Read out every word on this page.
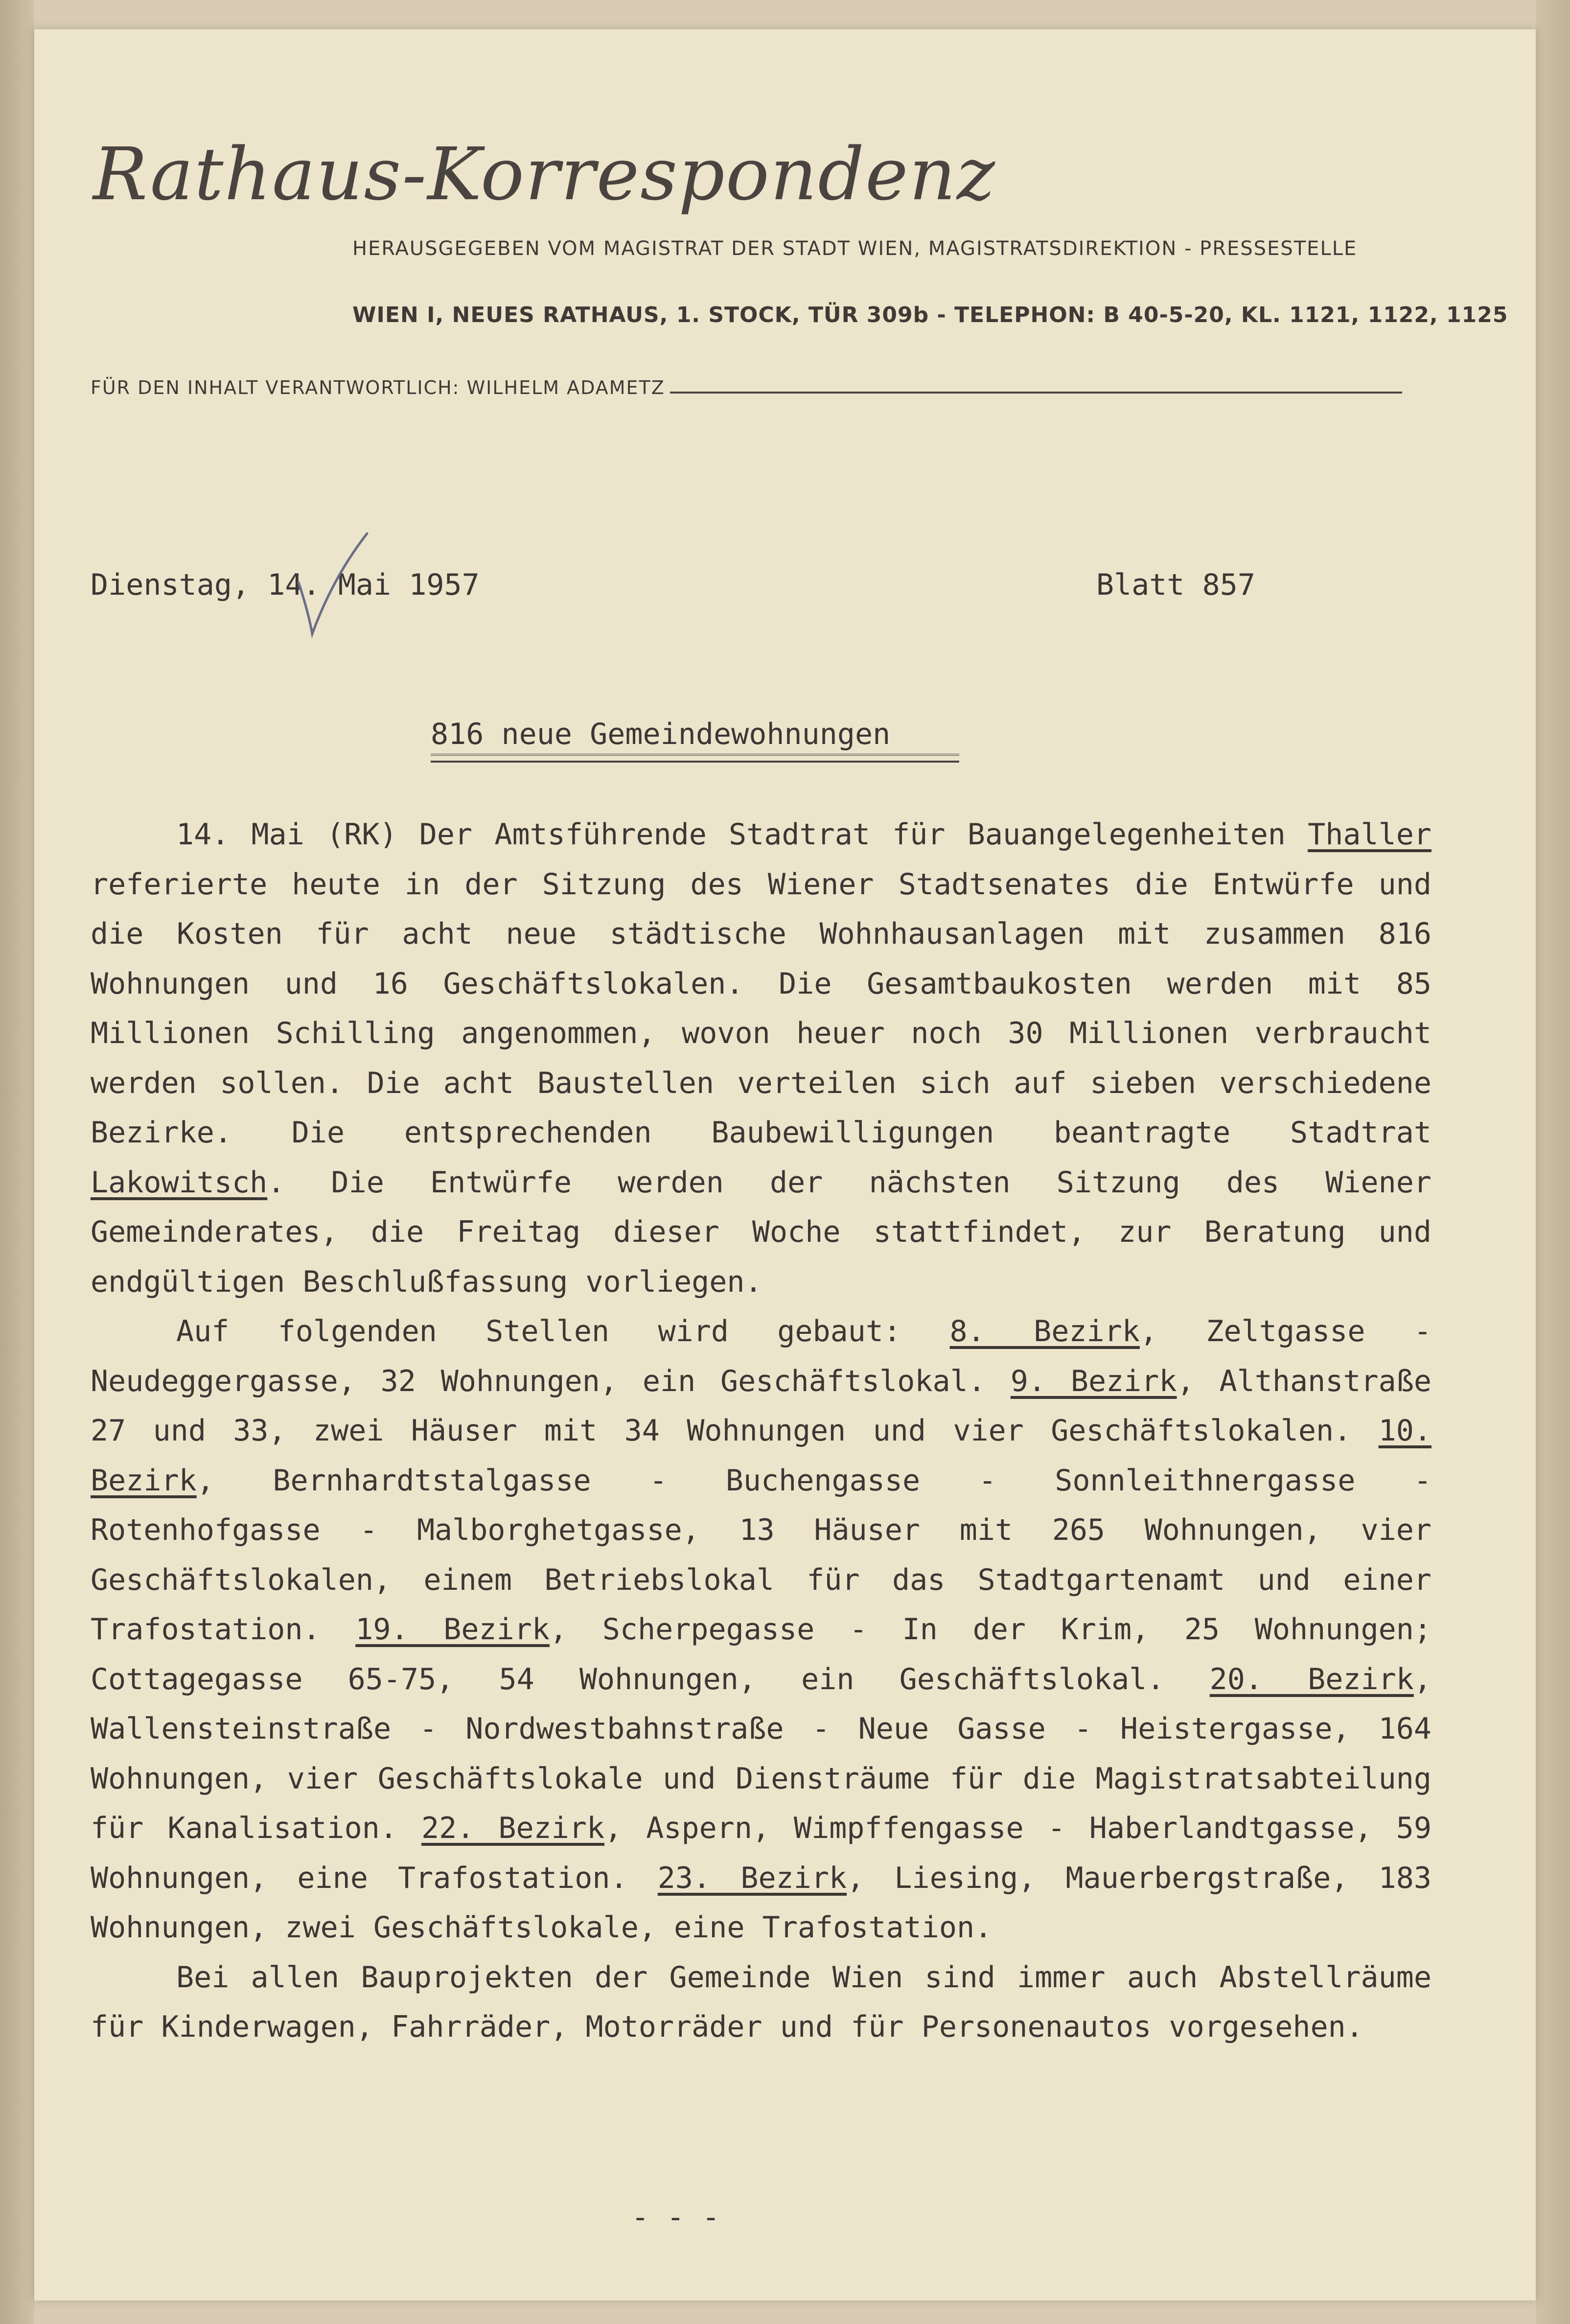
Rathaus-Korrespondenz
HERAUSGEGEBEN VOM MAGISTRAT DER STADT WIEN, MAGISTRATSDIREKTION - PRESSESTELLE
WIEN I, NEUES RATHAUS, 1. STOCK, TÜR 309b - TELEPHON: B 40-5-20, KL. 1121, 1122, 1125
FÜR DEN INHALT VERANTWORTLICH: WILHELM ADAMETZ
Dienstag, 14. Mai 1957	Blatt 857
816 neue Gemeindewohnungen

14. Mai (RK) Der Amtsführende Stadtrat für Bauangelegenheiten Thaller referierte heute in der Sitzung des Wiener Stadtsenates die Entwürfe und die Kosten für acht neue städtische Wohnhausanlagen mit zusammen 816 Wohnungen und 16 Geschäftslokalen. Die Gesamtbaukosten werden mit 85 Millionen Schilling angenommen, wovon heuer noch 30 Millionen verbraucht werden sollen. Die acht Baustellen verteilen sich auf sieben verschiedene Bezirke. Die entsprechenden Baubewilligungen beantragte Stadtrat Lakowitsch. Die Entwürfe werden der nächsten Sitzung des Wiener Gemeinderates, die Freitag dieser Woche stattfindet, zur Beratung und endgültigen Beschlußfassung vorliegen.

Auf folgenden Stellen wird gebaut: 8. Bezirk, Zeltgasse - Neudeggergasse, 32 Wohnungen, ein Geschäftslokal. 9. Bezirk, Althanstraße 27 und 33, zwei Häuser mit 34 Wohnungen und vier Geschäftslokalen. 10. Bezirk, Bernhardtstalgasse - Buchengasse - Sonnleithnergasse - Rotenhofgasse - Malborghetgasse, 13 Häuser mit 265 Wohnungen, vier Geschäftslokalen, einem Betriebslokal für das Stadtgartenamt und einer Trafostation. 19. Bezirk, Scherpegasse - In der Krim, 25 Wohnungen; Cottagegasse 65-75, 54 Wohnungen, ein Geschäftslokal. 20. Bezirk, Wallensteinstraße - Nordwestbahnstraße - Neue Gasse - Heistergasse, 164 Wohnungen, vier Geschäftslokale und Diensträume für die Magistratsabteilung für Kanalisation. 22. Bezirk, Aspern, Wimpffengasse - Haberlandtgasse, 59 Wohnungen, eine Trafostation. 23. Bezirk, Liesing, Mauerbergstraße, 183 Wohnungen, zwei Geschäftslokale, eine Trafostation.

Bei allen Bauprojekten der Gemeinde Wien sind immer auch Abstellräume für Kinderwagen, Fahrräder, Motorräder und für Personenautos vorgesehen.

- - -
